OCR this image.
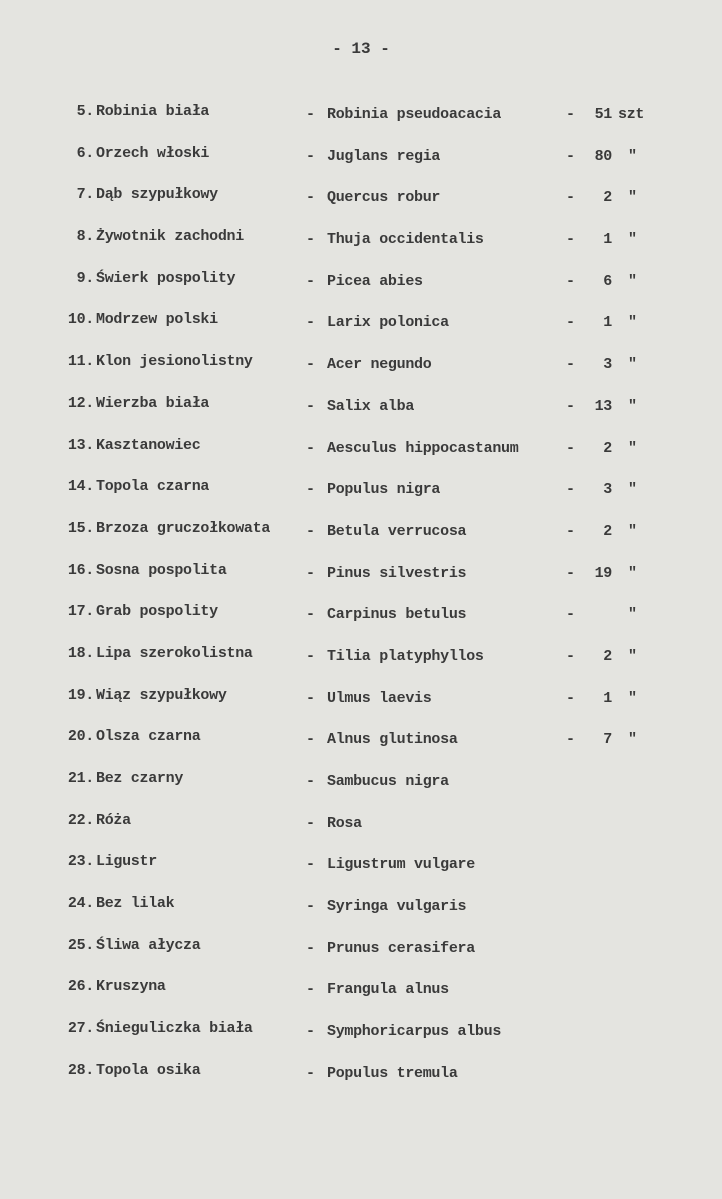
- 13 -
5. Robinia biała	- Robinia pseudoacacia	-	51 szt
6. Orzech włoski	- Juglans regia	-	80 "
7. Dąb szypułkowy	- Quercus robur	-	2 "
8. Żywotnik zachodni	- Thuja occidentalis	-	1 "
9. Świerk pospolity	- Picea abies	-	6 "
10. Modrzew polski	- Larix polonica	-	1 "
11. Klon jesionolistny	- Acer negundo	-	3 "
12. Wierzba biała	- Salix alba	-	13 "
13. Kasztanowiec	- Aesculus hippocastanum	-	2 "
14. Topola czarna	- Populus nigra	-	3 "
15. Brzoza gruczołkowata - Betula verrucosa	-	2 "
16. Sosna pospolita	- Pinus silvestris	-	19 "
17. Grab pospolity	- Carpinus betulus	-	"
18. Lipa szerokolistna	- Tilia platyphyllos	-	2 "
19. Wiąz szypułkowy	- Ulmus laevis	-	1 "
20. Olsza czarna	- Alnus glutinosa	-	7 "
21. Bez czarny	- Sambucus nigra
22. Róża	- Rosa
23. Ligustr	- Ligustrum vulgare
24. Bez lilak	- Syringa vulgaris
25. Śliwa ałycza	- Prunus cerasifera
26. Kruszyna	- Frangula alnus
27. Śnieguliczka biała	- Symphoricarpus albus
28. Topola osika	- Populus tremula
